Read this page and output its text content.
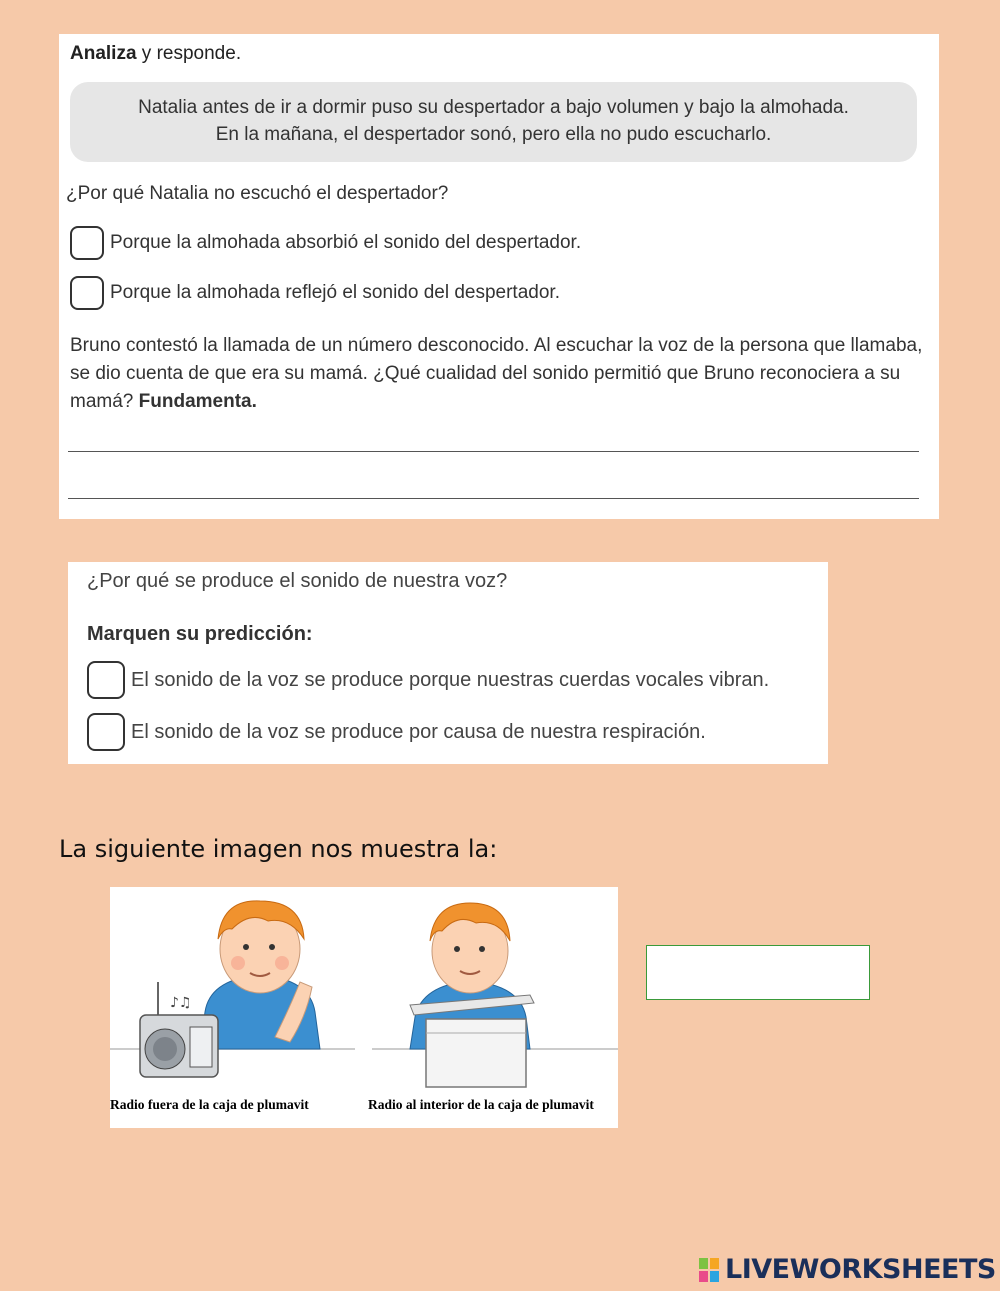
Analiza y responde.
Natalia antes de ir a dormir puso su despertador a bajo volumen y bajo la almohada.
En la mañana, el despertador sonó, pero ella no pudo escucharlo.
¿Por qué Natalia no escuchó el despertador?
Porque la almohada absorbió el sonido del despertador.
Porque la almohada reflejó el sonido del despertador.
Bruno contestó la llamada de un número desconocido. Al escuchar la voz de la persona que llamaba, se dio cuenta de que era su mamá. ¿Qué cualidad del sonido permitió que Bruno reconociera a su mamá? Fundamenta.
¿Por qué se produce el sonido de nuestra voz?
Marquen su predicción:
El sonido de la voz se produce porque nuestras cuerdas vocales vibran.
El sonido de la voz se produce por causa de nuestra respiración.
La siguiente imagen nos muestra la:
♪♫
Radio fuera de la caja de plumavit	Radio al interior de la caja de plumavit
LIVEWORKSHEETS
